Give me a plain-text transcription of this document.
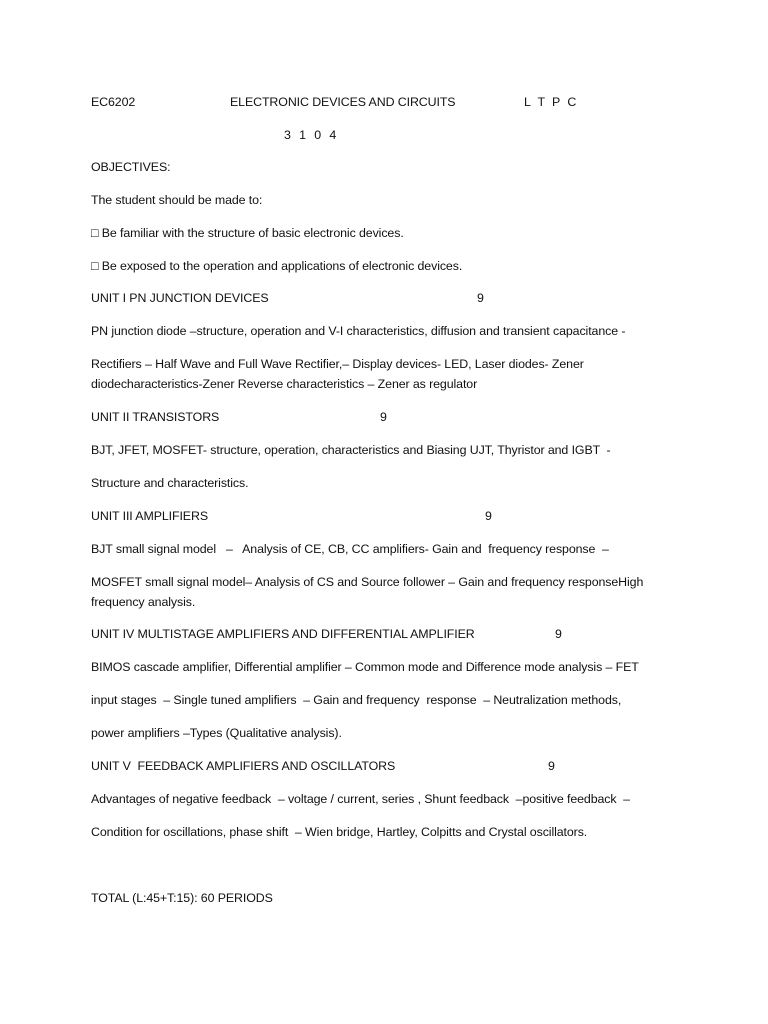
EC6202	ELECTRONIC DEVICES AND CIRCUITS	L T P C
3 1 0 4
OBJECTIVES:
The student should be made to:
□ Be familiar with the structure of basic electronic devices.
□ Be exposed to the operation and applications of electronic devices.
UNIT I PN JUNCTION DEVICES	9
PN junction diode –structure, operation and V-I characteristics, diffusion and transient capacitance -
Rectifiers – Half Wave and Full Wave Rectifier,– Display devices- LED, Laser diodes- Zener
diodecharacteristics-Zener Reverse characteristics – Zener as regulator
UNIT II TRANSISTORS	9
BJT, JFET, MOSFET- structure, operation, characteristics and Biasing UJT, Thyristor and IGBT  -
Structure and characteristics.
UNIT III AMPLIFIERS	9
BJT small signal model   –   Analysis of CE, CB, CC amplifiers- Gain and  frequency response  –
MOSFET small signal model– Analysis of CS and Source follower – Gain and frequency responseHigh
frequency analysis.
UNIT IV MULTISTAGE AMPLIFIERS AND DIFFERENTIAL AMPLIFIER	9
BIMOS cascade amplifier, Differential amplifier – Common mode and Difference mode analysis – FET
input stages  – Single tuned amplifiers  – Gain and frequency  response  – Neutralization methods,
power amplifiers –Types (Qualitative analysis).
UNIT V  FEEDBACK AMPLIFIERS AND OSCILLATORS	9
Advantages of negative feedback  – voltage / current, series , Shunt feedback  –positive feedback  –
Condition for oscillations, phase shift  – Wien bridge, Hartley, Colpitts and Crystal oscillators.
TOTAL (L:45+T:15): 60 PERIODS
